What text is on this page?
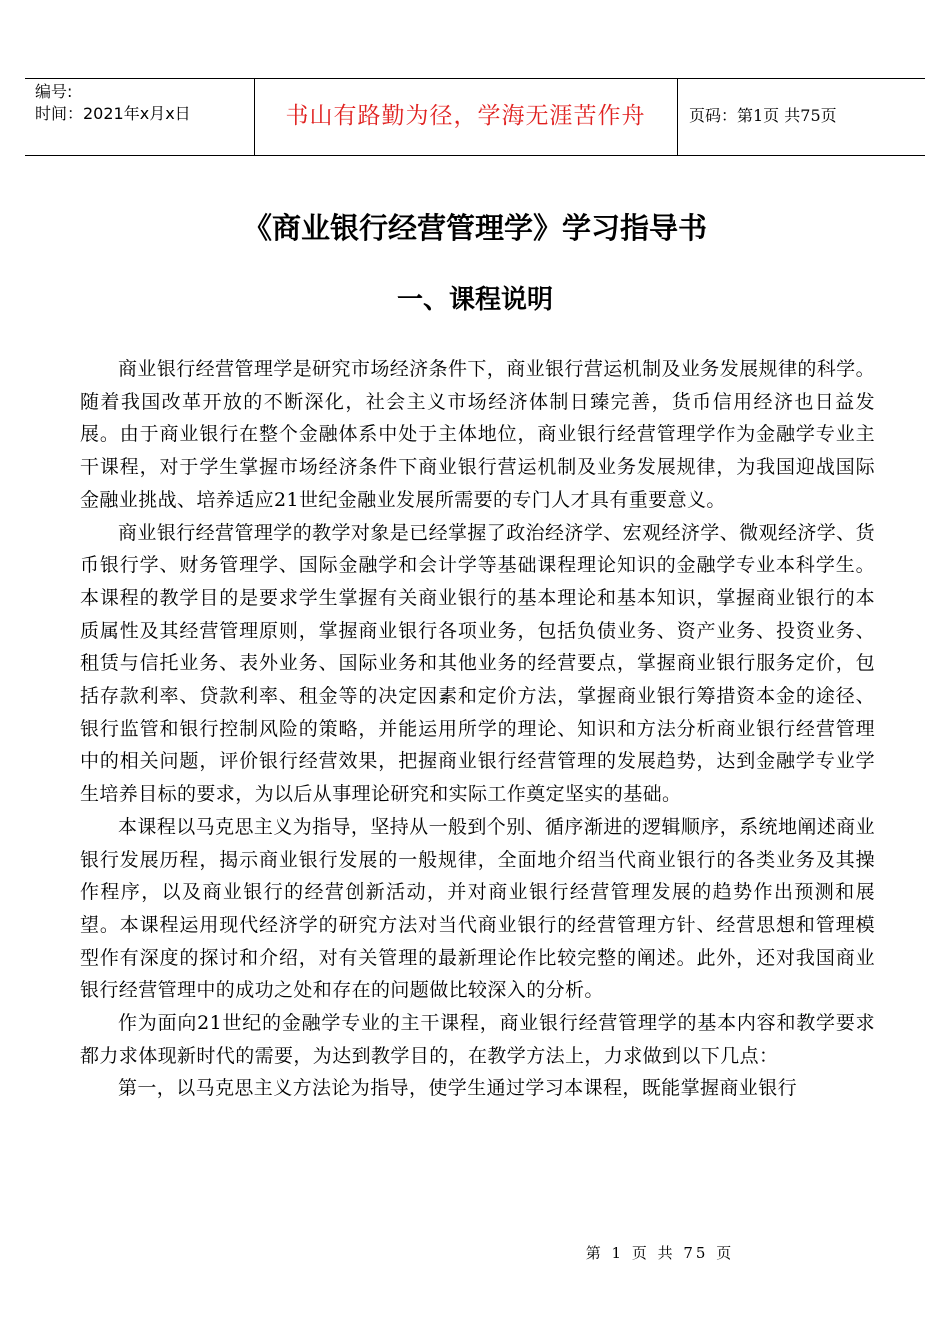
编号:
时间：2021年x月x日	书山有路勤为径，学海无涯苦作舟	页码：第1页 共75页
《商业银行经营管理学》学习指导书
一、课程说明

商业银行经营管理学是研究市场经济条件下，商业银行营运机制及业务发展规律的科学。随着我国改革开放的不断深化，社会主义市场经济体制日臻完善，货币信用经济也日益发展。由于商业银行在整个金融体系中处于主体地位，商业银行经营管理学作为金融学专业主干课程，对于学生掌握市场经济条件下商业银行营运机制及业务发展规律，为我国迎战国际金融业挑战、培养适应21世纪金融业发展所需要的专门人才具有重要意义。

商业银行经营管理学的教学对象是已经掌握了政治经济学、宏观经济学、微观经济学、货币银行学、财务管理学、国际金融学和会计学等基础课程理论知识的金融学专业本科学生。本课程的教学目的是要求学生掌握有关商业银行的基本理论和基本知识，掌握商业银行的本质属性及其经营管理原则，掌握商业银行各项业务，包括负债业务、资产业务、投资业务、租赁与信托业务、表外业务、国际业务和其他业务的经营要点，掌握商业银行服务定价，包括存款利率、贷款利率、租金等的决定因素和定价方法，掌握商业银行筹措资本金的途径、银行监管和银行控制风险的策略，并能运用所学的理论、知识和方法分析商业银行经营管理中的相关问题，评价银行经营效果，把握商业银行经营管理的发展趋势，达到金融学专业学生培养目标的要求，为以后从事理论研究和实际工作奠定坚实的基础。

本课程以马克思主义为指导，坚持从一般到个别、循序渐进的逻辑顺序，系统地阐述商业银行发展历程，揭示商业银行发展的一般规律，全面地介绍当代商业银行的各类业务及其操作程序，以及商业银行的经营创新活动，并对商业银行经营管理发展的趋势作出预测和展望。本课程运用现代经济学的研究方法对当代商业银行的经营管理方针、经营思想和管理模型作有深度的探讨和介绍，对有关管理的最新理论作比较完整的阐述。此外，还对我国商业银行经营管理中的成功之处和存在的问题做比较深入的分析。

作为面向21世纪的金融学专业的主干课程，商业银行经营管理学的基本内容和教学要求都力求体现新时代的需要，为达到教学目的，在教学方法上，力求做到以下几点：

第一，以马克思主义方法论为指导，使学生通过学习本课程，既能掌握商业银行

第 1 页 共 75 页
